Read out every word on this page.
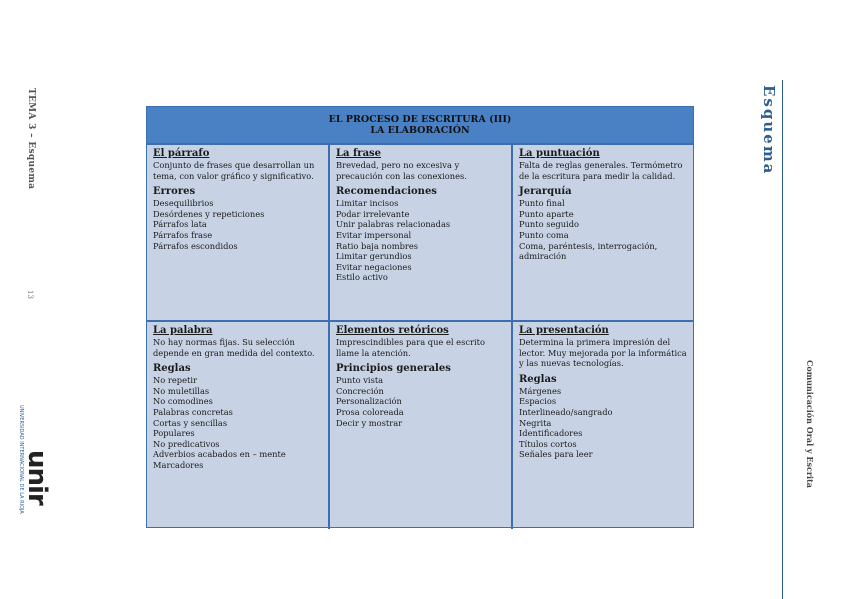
TEMA 3 – Esquema
13
UNIVERSIDAD INTERNACIONAL DE LA RIOJA
unir
Esquema
Comunicación Oral y Escrita
EL PROCESO DE ESCRITURA (III)
LA ELABORACIÓN
El párrafo
Conjunto de frases que desarrollan un tema, con valor gráfico y significativo.
Errores
Desequilibrios
Desórdenes y repeticiones
Párrafos lata
Párrafos frase
Párrafos escondidos
La frase
Brevedad, pero no excesiva y precaución con las conexiones.
Recomendaciones
Limitar incisos
Podar irrelevante
Unir palabras relacionadas
Evitar impersonal
Ratio baja nombres
Limitar gerundios
Evitar negaciones
Estilo activo
La puntuación
Falta de reglas generales. Termómetro de la escritura para medir la calidad.
Jerarquía
Punto final
Punto aparte
Punto seguido
Punto coma
Coma, paréntesis, interrogación, admiración
La palabra
No hay normas fijas. Su selección depende en gran medida del contexto.
Reglas
No repetir
No muletillas
No comodines
Palabras concretas
Cortas y sencillas
Populares
No predicativos
Adverbios acabados en – mente
Marcadores
Elementos retóricos
Imprescindibles para que el escrito llame la atención.
Principios generales
Punto vista
Concreción
Personalización
Prosa coloreada
Decir y mostrar
La presentación
Determina la primera impresión del lector. Muy mejorada por la informática y las nuevas tecnologías.
Reglas
Márgenes
Espacios
Interlineado/sangrado
Negrita
Identificadores
Títulos cortos
Señales para leer
